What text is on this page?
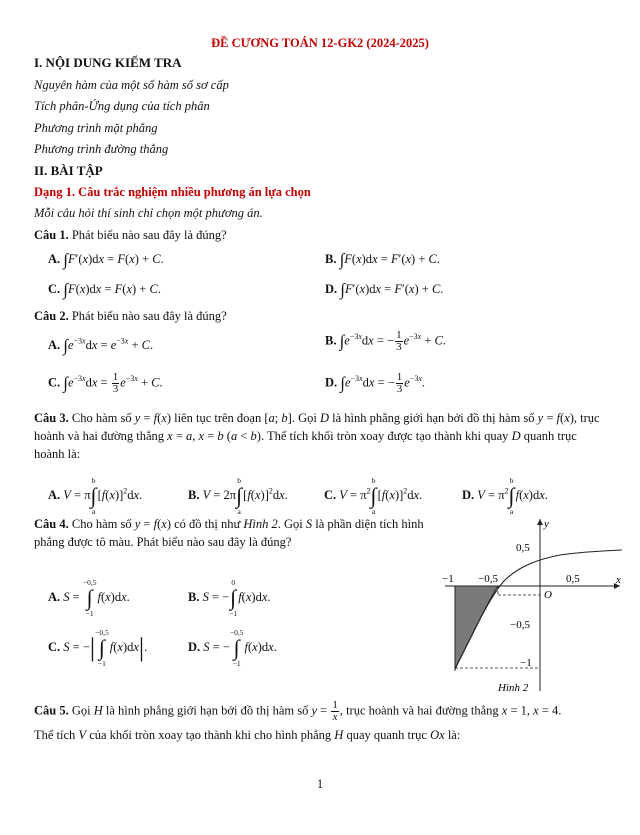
ĐỀ CƯƠNG TOÁN 12-GK2 (2024-2025)
I. NỘI DUNG KIỂM TRA
Nguyên hàm của một số hàm số sơ cấp
Tích phân-Ứng dụng của tích phân
Phương trình mặt phẳng
Phương trình đường thẳng
II. BÀI TẬP
Dạng 1. Câu trắc nghiệm nhiều phương án lựa chọn
Mỗi câu hỏi thí sinh chỉ chọn một phương án.
Câu 1. Phát biểu nào sau đây là đúng?
A. ∫F′(x)dx = F(x) + C.	B. ∫F(x)dx = F′(x) + C.
C. ∫F(x)dx = F(x) + C.	D. ∫F′(x)dx = F′(x) + C.
Câu 2. Phát biểu nào sau đây là đúng?
A. $\int e^{-3x}dx = e^{-3x} + C$.	B. $\int e^{-3x}dx$ = − $\frac{1}{3} e^{-3x} + C$.
C. $\int e^{-3x}dx = \frac{1}{3} e^{-3x} + C$.	D. $\int e^{-3x}dx$ = − $\frac{1}{3} e^{-3x}$.
Câu 3. Cho hàm số y = f(x) liên tục trên đoạn [a; b]. Gọi D là hình phẳng giới hạn bởi đồ thị hàm số y = f(x), trục hoành và hai đường thẳng x = a, x = b (a < b). Thể tích khối tròn xoay được tạo thành khi quay D quanh trục hoành là:
A. V = πb
∫
$a[f(x)]^2dx$.	B. V = 2πb
∫
$a[f(x)]^2dx$.	C. $V = \pi^2b$
∫
$a[f(x)]^2dx$.	D. $V = \pi^2b$
∫
af(x)dx.
Câu 4. Cho hàm số y = f(x) có đồ thị như Hình 2. Gọi S là phần diện tích hình phẳng được tô màu. Phát biểu nào sau đây là đúng?
A. S = −0,5
∫
−1f(x)dx.	B. S = −0
∫
−1f(x)dx.
C. S = −|−0,5
∫
−1f(x)dx|.	D. S = −−0,5
∫
−1f(x)dx.
y
x
O
0,5
−1 −0,5	0,5
−0,5
−1
Hình 2
Câu 5. Gọi H là hình phẳng giới hạn bởi đồ thị hàm số $y = \frac{1}{x}$ , trục hoành và hai đường thẳng x = 1, x = 4.
Thể tích V của khối tròn xoay tạo thành khi cho hình phẳng H quay quanh trục Ox là:
1
